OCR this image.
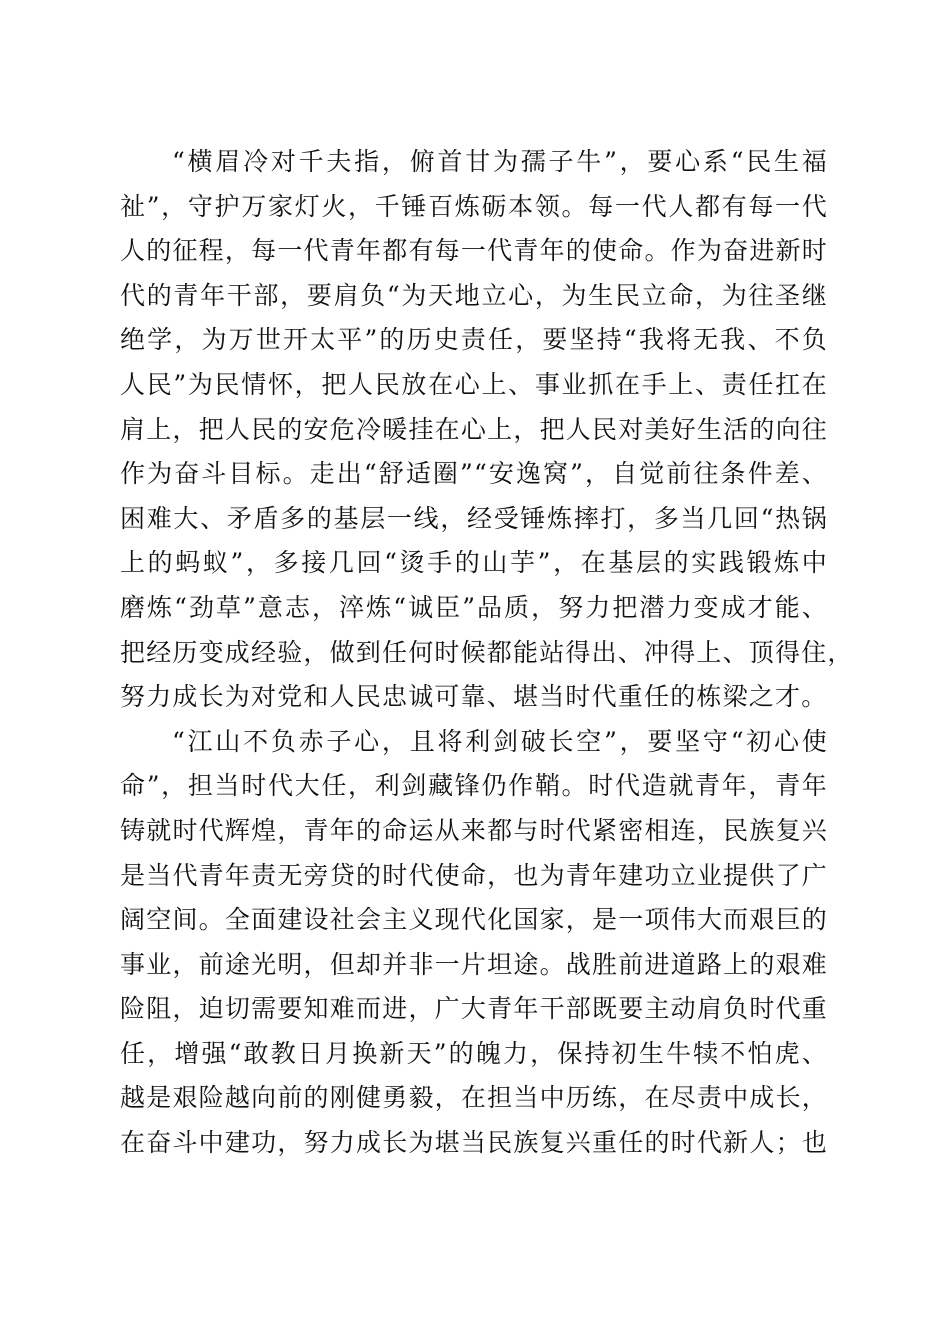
“横眉冷对千夫指，俯首甘为孺子牛”，要心系“民生福
祉”，守护万家灯火，千锤百炼砺本领。每一代人都有每一代
人的征程，每一代青年都有每一代青年的使命。作为奋进新时
代的青年干部，要肩负“为天地立心，为生民立命，为往圣继
绝学，为万世开太平”的历史责任，要坚持“我将无我、不负
人民”为民情怀，把人民放在心上、事业抓在手上、责任扛在
肩上，把人民的安危冷暖挂在心上，把人民对美好生活的向往
作为奋斗目标。走出“舒适圈”“安逸窝”，自觉前往条件差、
困难大、矛盾多的基层一线，经受锤炼摔打，多当几回“热锅
上的蚂蚁”，多接几回“烫手的山芋”，在基层的实践锻炼中
磨炼“劲草”意志，淬炼“诚臣”品质，努力把潜力变成才能、
把经历变成经验，做到任何时候都能站得出、冲得上、顶得住，
努力成长为对党和人民忠诚可靠、堪当时代重任的栋梁之才。
“江山不负赤子心，且将利剑破长空”，要坚守“初心使
命”，担当时代大任，利剑藏锋仍作鞘。时代造就青年，青年
铸就时代辉煌，青年的命运从来都与时代紧密相连，民族复兴
是当代青年责无旁贷的时代使命，也为青年建功立业提供了广
阔空间。全面建设社会主义现代化国家，是一项伟大而艰巨的
事业，前途光明，但却并非一片坦途。战胜前进道路上的艰难
险阻，迫切需要知难而进，广大青年干部既要主动肩负时代重
任，增强“敢教日月换新天”的魄力，保持初生牛犊不怕虎、
越是艰险越向前的刚健勇毅，在担当中历练，在尽责中成长，
在奋斗中建功，努力成长为堪当民族复兴重任的时代新人；也
